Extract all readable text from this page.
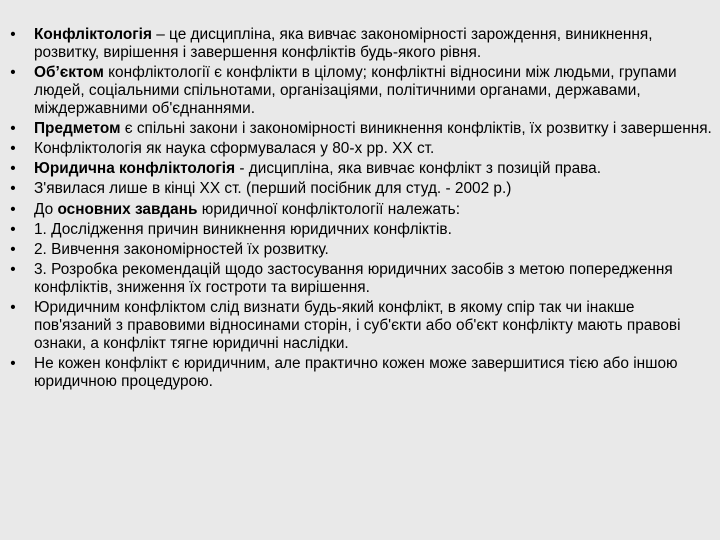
• Конфліктологія – це дисципліна, яка вивчає закономірності зарождення, виникнення, розвитку, вирішення і завершення конфліктів будь-якого рівня.
• Об’єктом конфліктології є конфлікти в цілому; конфліктні відносини між людьми, групами людей, соціальними спільнотами, організаціями, політичними органами, державами, міждержавними об'єднаннями.
• Предметом є спільні закони і закономірності виникнення конфліктів, їх розвитку і завершення.
• Конфліктологія як наука сформувалася у 80-х рр. ХХ ст.
• Юридична конфліктологія - дисципліна, яка вивчає конфлікт з позицій права.
• З'явилася лише в кінці ХХ ст. (перший посібник для студ. - 2002 р.)
• До основних завдань юридичної конфліктології належать:
• 1. Дослідження причин виникнення юридичних конфліктів.
• 2. Вивчення закономірностей їх розвитку.
• 3. Розробка рекомендацій щодо застосування юридичних засобів з метою попередження конфліктів, зниження їх гостроти та вирішення.
• Юридичним конфліктом слід визнати будь-який конфлікт, в якому спір так чи інакше пов'язаний з правовими відносинами сторін, і суб'єкти або об'єкт конфлікту мають правові ознаки, а конфлікт тягне юридичні наслідки.
• Не кожен конфлікт є юридичним, але практично кожен може завершитися тією або іншою юридичною процедурою.
